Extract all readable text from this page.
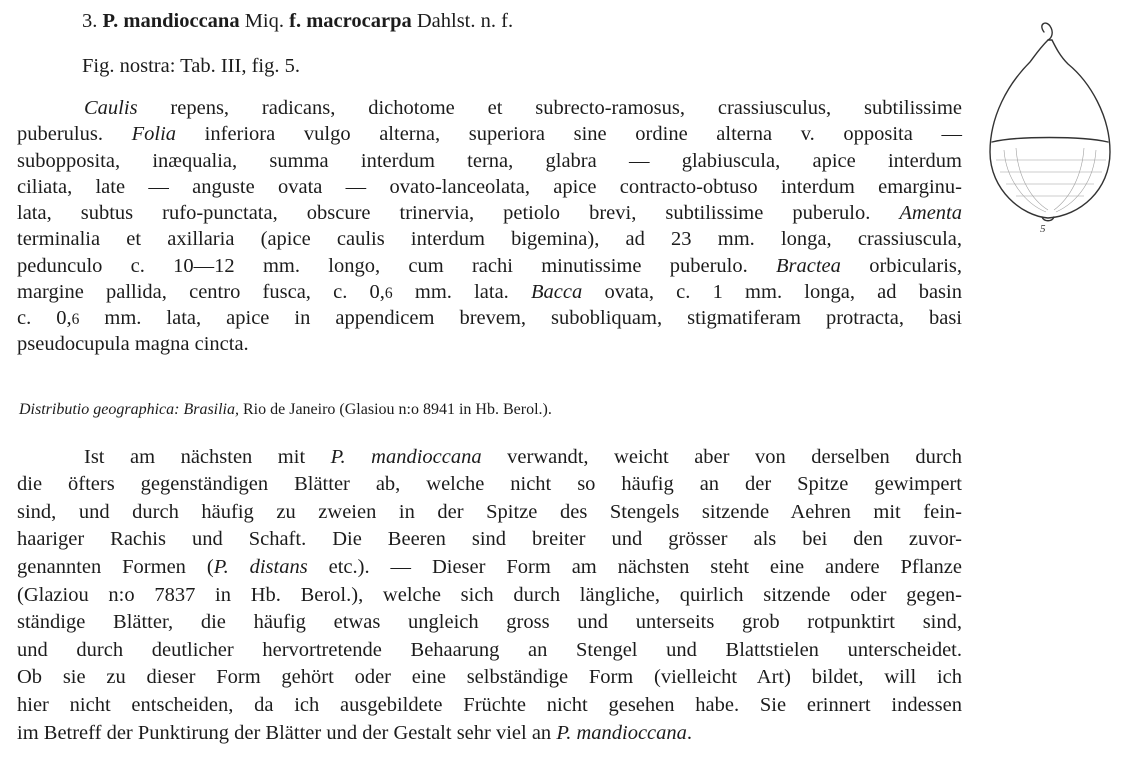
3. P. mandioccana Miq. f. macrocarpa Dahlst. n. f.
Fig. nostra: Tab. III, fig. 5.
Caulis repens, radicans, dichotome et subrecto-ramosus, crassiusculus, subtilissime
puberulus. Folia inferiora vulgo alterna, superiora sine ordine alterna v. opposita —
subopposita, inæqualia, summa interdum terna, glabra — glabiuscula, apice interdum
ciliata, late — anguste ovata — ovato-lanceolata, apice contracto-obtuso interdum emarginu-
lata, subtus rufo-punctata, obscure trinervia, petiolo brevi, subtilissime puberulo. Amenta
terminalia et axillaria (apice caulis interdum bigemina), ad 23 mm. longa, crassiuscula,
pedunculo c. 10—12 mm. longo, cum rachi minutissime puberulo. Bractea orbicularis,
margine pallida, centro fusca, c. 0,6 mm. lata. Bacca ovata, c. 1 mm. longa, ad basin
c. 0,6 mm. lata, apice in appendicem brevem, subobliquam, stigmatiferam protracta, basi
pseudocupula magna cincta.
Distributio geographica: Brasilia, Rio de Janeiro (Glasiou n:o 8941 in Hb. Berol.).
Ist am nächsten mit P. mandioccana verwandt, weicht aber von derselben durch
die öfters gegenständigen Blätter ab, welche nicht so häufig an der Spitze gewimpert
sind, und durch häufig zu zweien in der Spitze des Stengels sitzende Aehren mit fein-
haariger Rachis und Schaft. Die Beeren sind breiter und grösser als bei den zuvor-
genannten Formen (P. distans etc.). — Dieser Form am nächsten steht eine andere Pflanze
(Glaziou n:o 7837 in Hb. Berol.), welche sich durch längliche, quirlich sitzende oder gegen-
ständige Blätter, die häufig etwas ungleich gross und unterseits grob rotpunktirt sind,
und durch deutlicher hervortretende Behaarung an Stengel und Blattstielen unterscheidet.
Ob sie zu dieser Form gehört oder eine selbständige Form (vielleicht Art) bildet, will ich
hier nicht entscheiden, da ich ausgebildete Früchte nicht gesehen habe. Sie erinnert indessen
im Betreff der Punktirung der Blätter und der Gestalt sehr viel an P. mandioccana.
5
